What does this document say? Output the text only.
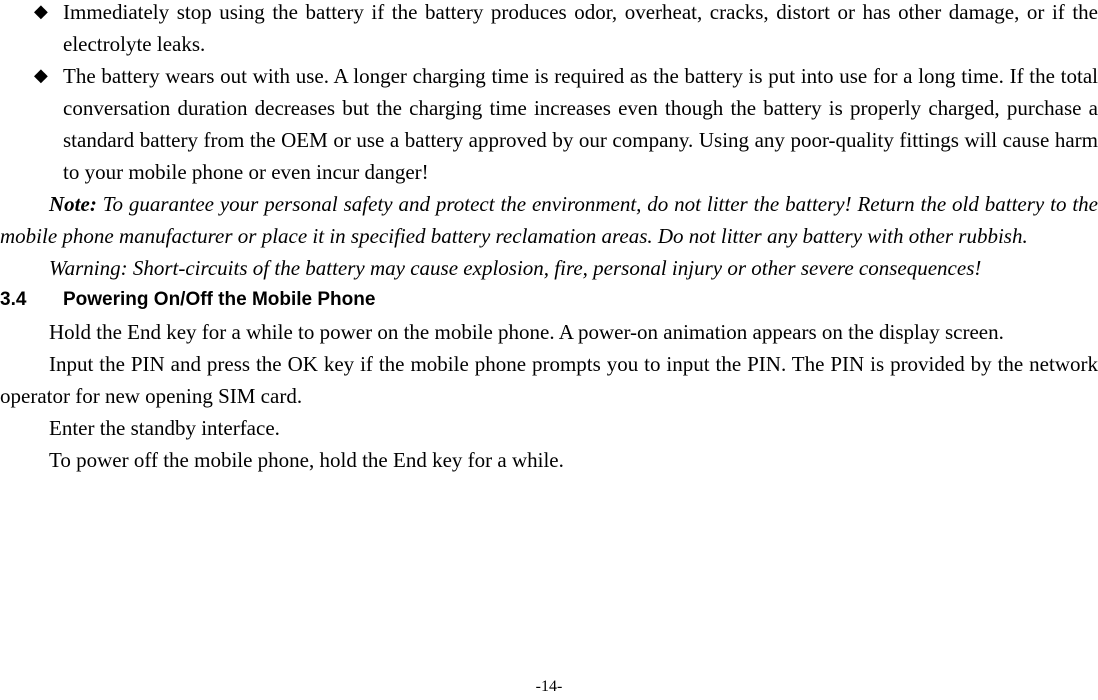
◆ Immediately stop using the battery if the battery produces odor, overheat, cracks, distort or has other damage, or if the electrolyte leaks.
◆ The battery wears out with use. A longer charging time is required as the battery is put into use for a long time. If the total conversation duration decreases but the charging time increases even though the battery is properly charged, purchase a standard battery from the OEM or use a battery approved by our company. Using any poor-quality fittings will cause harm to your mobile phone or even incur danger!

Note: To guarantee your personal safety and protect the environment, do not litter the battery! Return the old battery to the mobile phone manufacturer or place it in specified battery reclamation areas. Do not litter any battery with other rubbish.

Warning: Short-circuits of the battery may cause explosion, fire, personal injury or other severe consequences!

3.4 Powering On/Off the Mobile Phone

Hold the End key for a while to power on the mobile phone. A power-on animation appears on the display screen.

Input the PIN and press the OK key if the mobile phone prompts you to input the PIN. The PIN is provided by the network operator for new opening SIM card.

Enter the standby interface.

To power off the mobile phone, hold the End key for a while.

-14-
